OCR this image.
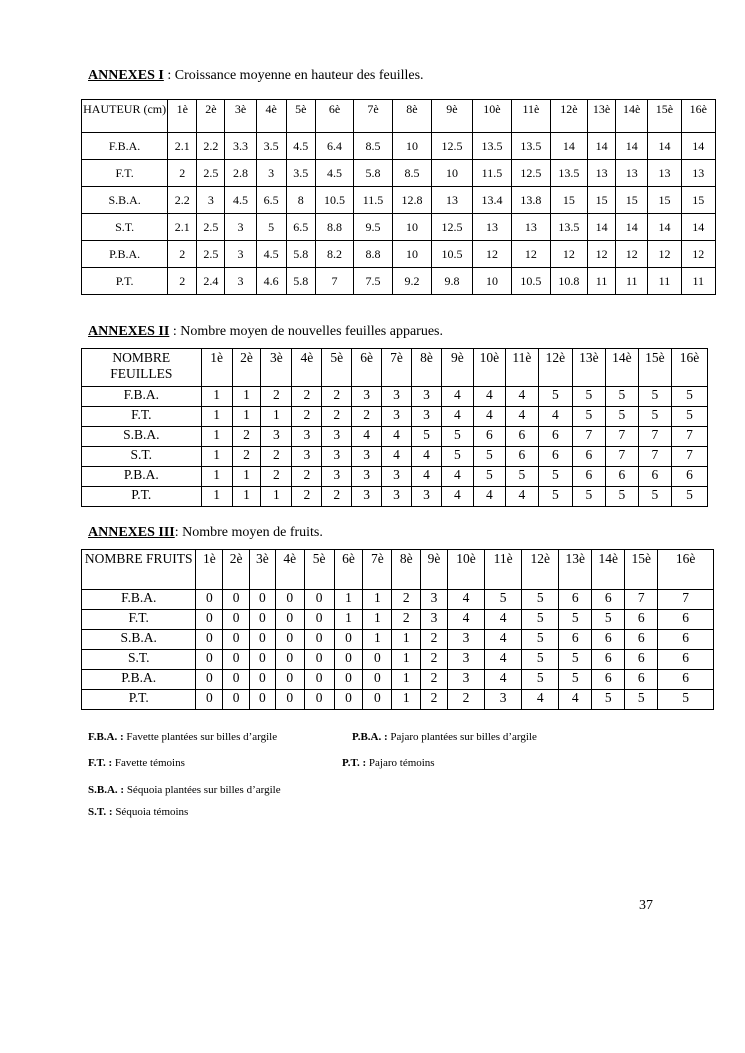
ANNEXES I : Croissance moyenne en hauteur des feuilles.
HAUTEUR (cm)	1è	2è	3è	4è	5è	6è	7è	8è	9è	10è	11è	12è	13è	14è	15è	16è
F.B.A.	2.1	2.2	3.3	3.5	4.5	6.4	8.5	10	12.5	13.5	13.5	14	14	14	14	14
F.T.	2	2.5	2.8	3	3.5	4.5	5.8	8.5	10	11.5	12.5	13.5	13	13	13	13
S.B.A.	2.2	3	4.5	6.5	8	10.5	11.5	12.8	13	13.4	13.8	15	15	15	15	15
S.T.	2.1	2.5	3	5	6.5	8.8	9.5	10	12.5	13	13	13.5	14	14	14	14
P.B.A.	2	2.5	3	4.5	5.8	8.2	8.8	10	10.5	12	12	12	12	12	12	12
P.T.	2	2.4	3	4.6	5.8	7	7.5	9.2	9.8	10	10.5	10.8	11	11	11	11
ANNEXES II : Nombre moyen de nouvelles feuilles apparues.
NOMBRE FEUILLES	1è	2è	3è	4è	5è	6è	7è	8è	9è	10è	11è	12è	13è	14è	15è	16è
F.B.A.	1	1	2	2	2	3	3	3	4	4	4	5	5	5	5	5
F.T.	1	1	1	2	2	2	3	3	4	4	4	4	5	5	5	5
S.B.A.	1	2	3	3	3	4	4	5	5	6	6	6	7	7	7	7
S.T.	1	2	2	3	3	3	4	4	5	5	6	6	6	7	7	7
P.B.A.	1	1	2	2	3	3	3	4	4	5	5	5	6	6	6	6
P.T.	1	1	1	2	2	3	3	3	4	4	4	5	5	5	5	5
ANNEXES III: Nombre moyen de fruits.
NOMBRE FRUITS	1è	2è	3è	4è	5è	6è	7è	8è	9è	10è	11è	12è	13è	14è	15è	16è
F.B.A.	0	0	0	0	0	1	1	2	3	4	5	5	6	6	7	7
F.T.	0	0	0	0	0	1	1	2	3	4	4	5	5	5	6	6
S.B.A.	0	0	0	0	0	0	1	1	2	3	4	5	6	6	6	6
S.T.	0	0	0	0	0	0	0	1	2	3	4	5	5	6	6	6
P.B.A.	0	0	0	0	0	0	0	1	2	3	4	5	5	6	6	6
P.T.	0	0	0	0	0	0	0	1	2	2	3	4	4	5	5	5
F.B.A. : Favette plantées sur billes d’argile	P.B.A. : Pajaro plantées sur billes d’argile
F.T. : Favette témoins	P.T. : Pajaro témoins
S.B.A. : Séquoia plantées sur billes d’argile
S.T. : Séquoia témoins
37
